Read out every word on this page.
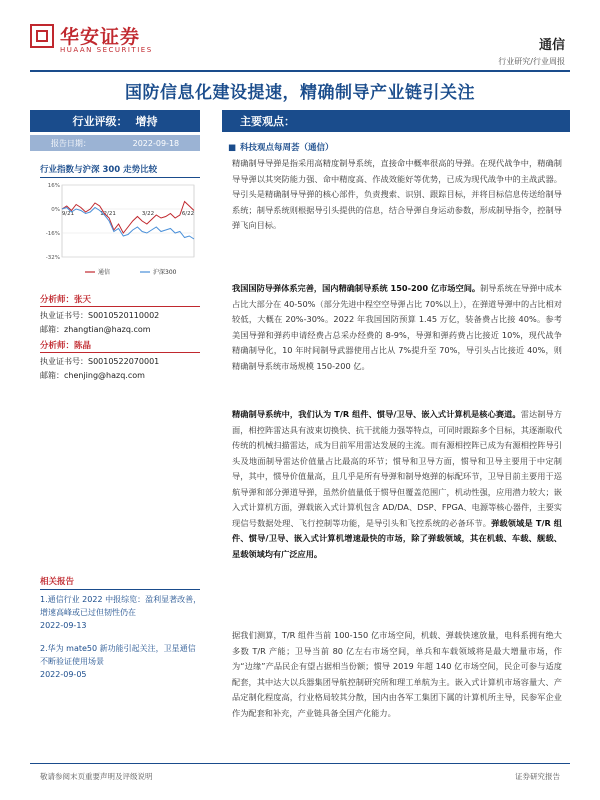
华安证券
HUAAN SECURITIES	通信
行业研究/行业周报
国防信息化建设提速，精确制导产业链引关注
行业评级： 增持
报告日期：	2022-09-18
行业指数与沪深 300 走势比较
16%
0%
-16%
-32%
9/21	12/21	3/22	6/22
通信	沪深300
分析师：张天
执业证书号：S0010520110002
邮箱：zhangtian@hazq.com
分析师：陈晶
执业证书号：S0010522070001
邮箱：chenjing@hazq.com
相关报告
1.通信行业 2022 中报综览：盈利显著改善，增速高峰或已过但韧性仍在
2022-09-13
2.华为 mate50 新功能引起关注，卫星通信不断验证使用场景
2022-09-05
主要观点：
■ 科技观点每周荟（通信）
精确制导导弹是指采用高精度制导系统，直接命中概率很高的导弹。在现代战争中，精确制导导弹以其突防能力强、命中精度高、作战效能好等优势，已成为现代战争中的主战武器。导引头是精确制导导弹的核心部件，负责搜索、识别、跟踪目标，并将目标信息传送给制导系统；制导系统则根据导引头提供的信息，结合导弹自身运动参数，形成制导指令，控制导弹飞向目标。
我国国防导弹体系完善，国内精确制导系统 150-200 亿市场空间。制导系统在导弹中成本占比大部分在 40-50%（部分先进中程空空导弹占比 70%以上），在弹道导弹中的占比相对较低，大概在 20%-30%。2022 年我国国防预算 1.45 万亿，装备费占比接 40%。参考美国导弹和弹药申请经费占总采办经费的 8-9%，导弹和弹药费占比接近 10%，现代战争精确制导化，10 年时间制导武器使用占比从 7%提升至 70%，导引头占比接近 40%，则精确制导系统市场规模 150-200 亿。
精确制导系统中，我们认为 T/R 组件、惯导/卫导、嵌入式计算机是核心赛道。雷达制导方面，相控阵雷达具有波束切换快、抗干扰能力强等特点，可同时跟踪多个目标，其逐渐取代传统的机械扫描雷达，成为目前军用雷达发展的主流。而有源相控阵已成为有源相控阵导引头及地面制导雷达价值量占比最高的环节；惯导和卫导方面，惯导和卫导主要用于中定制导，其中，惯导价值量高，且几乎是所有导弹和制导炮弹的标配环节，卫导目前主要用于巡航导弹和部分弹道导弹，虽然价值量低于惯导但覆盖范围广，机动性强，应用潜力较大；嵌入式计算机方面，弹载嵌入式计算机包含 AD/DA、DSP、FPGA、电源等核心器件，主要实现信号数据处理、飞行控制等功能，是导引头和飞控系统的必备环节。弹载领域是 T/R 组件、惯导/卫导、嵌入式计算机增速最快的市场，除了弹载领域，其在机载、车载、舰载、星载领域均有广泛应用。
据我们测算，T/R 组件当前 100-150 亿市场空间，机载、弹载快速放量，电科系拥有绝大多数 T/R 产能；卫导当前 80 亿左右市场空间，单兵和车载领域将是最大增量市场，作为“边缘”产品民企有望占据相当份额；惯导 2019 年超 140 亿市场空间，民企可参与适度配套，其中达大以兵器集团导航控制研究所和理工单航为主。嵌入式计算机市场容量大、产品定制化程度高，行业格局较其分散，国内由各军工集团下属的计算机所主导，民参军企业作为配套和补充，产业链具备全国产化能力。
敬请参阅末页重要声明及评级说明	证券研究报告
